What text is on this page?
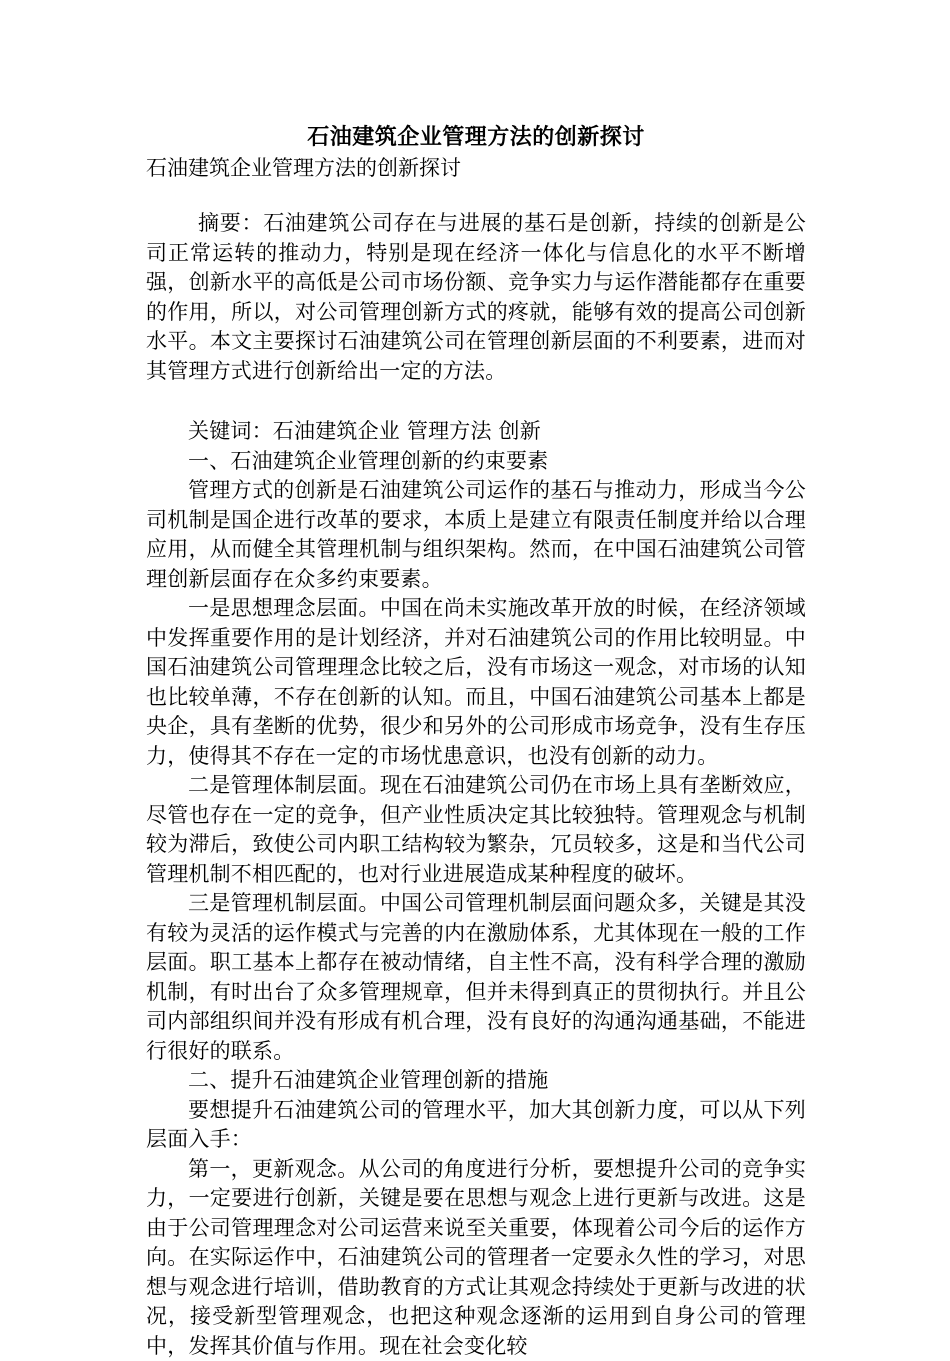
石油建筑企业管理方法的创新探讨

石油建筑企业管理方法的创新探讨

摘要：石油建筑公司存在与进展的基石是创新，持续的创新是公司正常运转的推动力，特别是现在经济一体化与信息化的水平不断增强，创新水平的高低是公司市场份额、竞争实力与运作潜能都存在重要的作用，所以，对公司管理创新方式的疼就，能够有效的提高公司创新水平。本文主要探讨石油建筑公司在管理创新层面的不利要素，进而对其管理方式进行创新给出一定的方法。

关键词：石油建筑企业 管理方法 创新

一、石油建筑企业管理创新的约束要素

管理方式的创新是石油建筑公司运作的基石与推动力，形成当今公司机制是国企进行改革的要求，本质上是建立有限责任制度并给以合理应用，从而健全其管理机制与组织架构。然而，在中国石油建筑公司管理创新层面存在众多约束要素。

一是思想理念层面。中国在尚未实施改革开放的时候，在经济领域中发挥重要作用的是计划经济，并对石油建筑公司的作用比较明显。中国石油建筑公司管理理念比较之后，没有市场这一观念，对市场的认知也比较单薄，不存在创新的认知。而且，中国石油建筑公司基本上都是央企，具有垄断的优势，很少和另外的公司形成市场竞争，没有生存压力，使得其不存在一定的市场忧患意识，也没有创新的动力。

二是管理体制层面。现在石油建筑公司仍在市场上具有垄断效应，尽管也存在一定的竞争，但产业性质决定其比较独特。管理观念与机制较为滞后，致使公司内职工结构较为繁杂，冗员较多，这是和当代公司管理机制不相匹配的，也对行业进展造成某种程度的破坏。

三是管理机制层面。中国公司管理机制层面问题众多，关键是其没有较为灵活的运作模式与完善的内在激励体系，尤其体现在一般的工作层面。职工基本上都存在被动情绪，自主性不高，没有科学合理的激励机制，有时出台了众多管理规章，但并未得到真正的贯彻执行。并且公司内部组织间并没有形成有机合理，没有良好的沟通沟通基础，不能进行很好的联系。

二、提升石油建筑企业管理创新的措施

要想提升石油建筑公司的管理水平，加大其创新力度，可以从下列层面入手：

第一，更新观念。从公司的角度进行分析，要想提升公司的竞争实力，一定要进行创新，关键是要在思想与观念上进行更新与改进。这是由于公司管理理念对公司运营来说至关重要，体现着公司今后的运作方向。在实际运作中，石油建筑公司的管理者一定要永久性的学习，对思想与观念进行培训，借助教育的方式让其观念持续处于更新与改进的状况，接受新型管理观念，也把这种观念逐渐的运用到自身公司的管理中，发挥其价值与作用。现在社会变化较
